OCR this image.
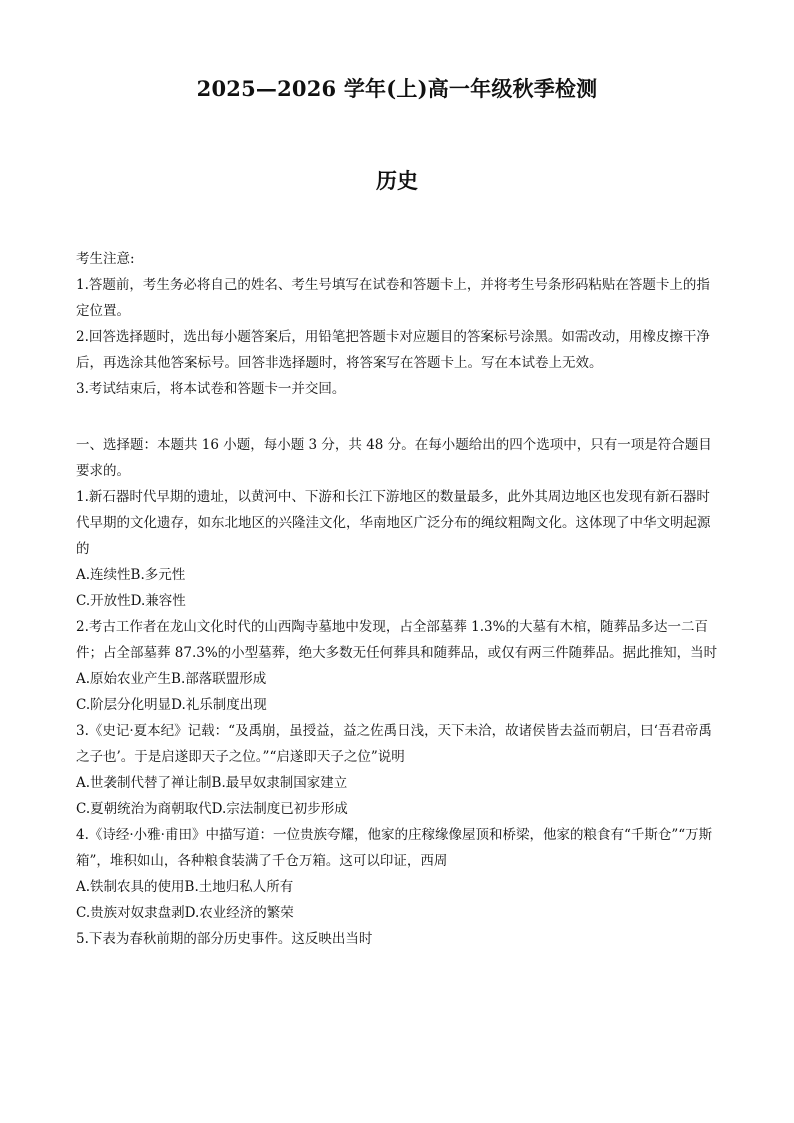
2025—2026 学年(上)高一年级秋季检测
历史

考生注意:

1.答题前，考生务必将自己的姓名、考生号填写在试卷和答题卡上，并将考生号条形码粘贴在答题卡上的指定位置。

2.回答选择题时，选出每小题答案后，用铅笔把答题卡对应题目的答案标号涂黑。如需改动，用橡皮擦干净后，再选涂其他答案标号。回答非选择题时，将答案写在答题卡上。写在本试卷上无效。

3.考试结束后，将本试卷和答题卡一并交回。

一、选择题：本题共 16 小题，每小题 3 分，共 48 分。在每小题给出的四个选项中，只有一项是符合题目要求的。

1.新石器时代早期的遗址，以黄河中、下游和长江下游地区的数量最多，此外其周边地区也发现有新石器时代早期的文化遗存，如东北地区的兴隆洼文化，华南地区广泛分布的绳纹粗陶文化。这体现了中华文明起源的

A.连续性B.多元性

C.开放性D.兼容性

2.考古工作者在龙山文化时代的山西陶寺墓地中发现，占全部墓葬 1.3%的大墓有木棺，随葬品多达一二百件；占全部墓葬 87.3%的小型墓葬，绝大多数无任何葬具和随葬品，或仅有两三件随葬品。据此推知，当时

A.原始农业产生B.部落联盟形成

C.阶层分化明显D.礼乐制度出现

3.《史记·夏本纪》记载：“及禹崩，虽授益，益之佐禹日浅，天下未洽，故诸侯皆去益而朝启，曰‘吾君帝禹之子也’。于是启遂即天子之位。”“启遂即天子之位”说明

A.世袭制代替了禅让制B.最早奴隶制国家建立

C.夏朝统治为商朝取代D.宗法制度已初步形成

4.《诗经·小雅·甫田》中描写道：一位贵族夸耀，他家的庄稼缘像屋顶和桥梁，他家的粮食有“千斯仓”“万斯箱”，堆积如山，各种粮食装满了千仓万箱。这可以印证，西周

A.铁制农具的使用B.土地归私人所有

C.贵族对奴隶盘剥D.农业经济的繁荣

5.下表为春秋前期的部分历史事件。这反映出当时
